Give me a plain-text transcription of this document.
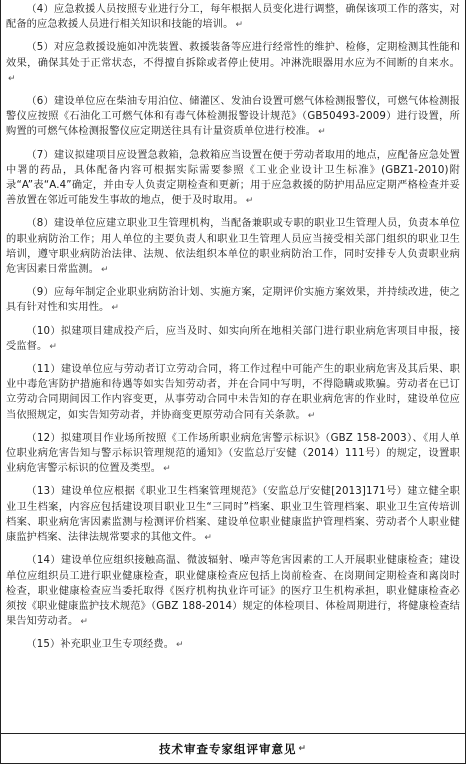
（4）应急救援人员按照专业进行分工，每年根据人员变化进行调整，确保该项工作的落实，对配备的应急救援人员进行相关知识和技能的培训。 ↵

（5）对应急救援设施如冲洗装置、救援装备等应进行经常性的维护、检修，定期检测其性能和效果，确保其处于正常状态，不得擅自拆除或者停止使用。冲淋洗眼器用水应为不间断的自来水。↵

（6）建设单位应在柴油专用泊位、储灌区、发油台设置可燃气体检测报警仪，可燃气体检测报警仪应按照《石油化工可燃气体和有毒气体检测报警设计规范》（GB50493-2009）进行设置，所购置的可燃气体检测报警仪应定期送往具有计量资质单位进行校准。 ↵

（7）建议拟建项目应设置急救箱，急救箱应当设置在便于劳动者取用的地点，应配备应急处置中署的药品，具体配备内容可根据实际需要参照《工业企业设计卫生标准》(GBZ1-2010)附录“A”表“A.4”确定，并由专人负责定期检查和更新；用于应急救援的防护用品应定期严格检查并妥善放置在邻近可能发生事故的地点，便于及时取用。 ↵

（8）建设单位应建立职业卫生管理机构，当配备兼职或专职的职业卫生管理人员，负责本单位的职业病防治工作；用人单位的主要负责人和职业卫生管理人员应当接受相关部门组织的职业卫生培训，遵守职业病防治法律、法规、依法组织本单位的职业病防治工作，同时安排专人负责职业病危害因素日常监测。 ↵

（9）应每年制定企业职业病防治计划、实施方案，定期评价实施方案效果，并持续改进，使之具有针对性和实用性。 ↵

（10）拟建项目建成投产后，应当及时、如实向所在地相关部门进行职业病危害项目申报，接受监督。 ↵

（11）建设单位应与劳动者订立劳动合同，将工作过程中可能产生的职业病危害及其后果、职业中毒危害防护措施和待遇等如实告知劳动者，并在合同中写明，不得隐瞒或欺骗。劳动者在已订立劳动合同期间因工作内容变更，从事劳动合同中未告知的存在职业病危害的作业时，建设单位应当依照规定，如实告知劳动者，并协商变更原劳动合同有关条款。 ↵

（12）拟建项目作业场所按照《工作场所职业病危害警示标识》（GBZ 158-2003）、《用人单位职业病危害告知与警示标识管理规范的通知》（安监总厅安健（2014）111号）的规定，设置职业病危害警示标识的位置及类型。 ↵

（13）建设单位应根据《职业卫生档案管理规范》（安监总厅安健[2013]171号）建立健全职业卫生档案，内容应包括建设项目职业卫生“三同时”档案、职业卫生管理档案、职业卫生宣传培训档案、职业病危害因素监测与检测评价档案、建设单位职业健康监护管理档案、劳动者个人职业健康监护档案、法律法规常要求的其他文件。 ↵

（14）建设单位应组织接触高温、微波辐射、噪声等危害因素的工人开展职业健康检查；建设单位应组织员工进行职业健康检查，职业健康检查应包括上岗前检查、在岗期间定期检查和离岗时检查，职业健康检查应当委托取得《医疗机构执业许可证》的医疗卫生机构承担，职业健康检查必须按《职业健康监护技术规范》（GBZ 188-2014）规定的体检项目、体检周期进行，将健康检查结果告知劳动者。 ↵

（15）补充职业卫生专项经费。 ↵

技术审查专家组评审意见 ↵
